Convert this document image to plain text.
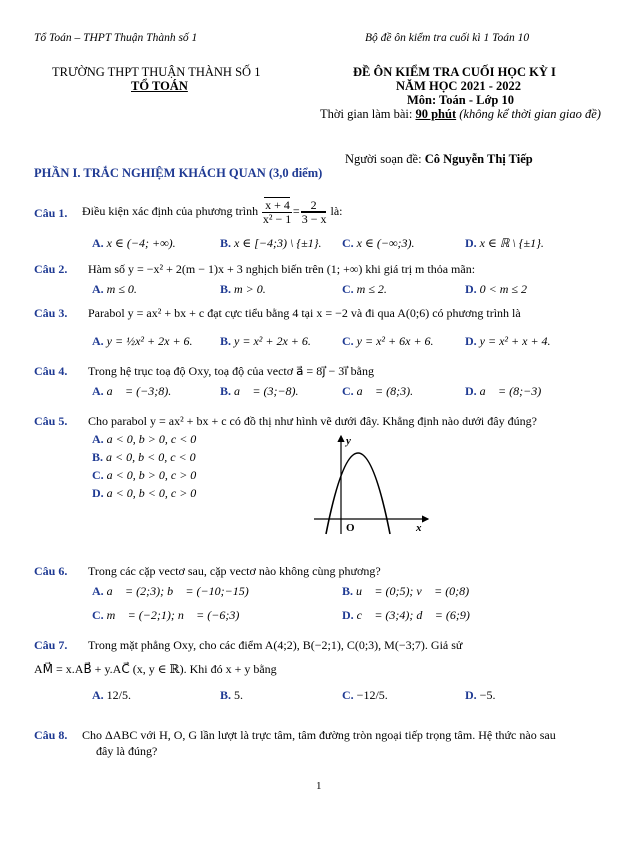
Tổ Toán – THPT Thuận Thành số 1	Bộ đề ôn kiểm tra cuối kì 1 Toán 10
TRƯỜNG THPT THUẬN THÀNH SỐ 1
TỔ TOÁN
ĐỀ ÔN KIỂM TRA CUỐI HỌC KỲ I
NĂM HỌC 2021 - 2022
Môn: Toán - Lớp 10
Thời gian làm bài: 90 phút (không kể thời gian giao đề)
Người soạn đề: Cô Nguyễn Thị Tiếp
PHẦN I. TRẮC NGHIỆM KHÁCH QUAN (3,0 điểm)
Câu 1. Điều kiện xác định của phương trình $\frac{x + 4}{\text{x² − 1}} = \frac{2}{3 - x}$ là:
A. x ∈ (−4; +∞).	B. x ∈ [−4;3) \ {±1}. C. x ∈ (−∞;3).	D. x ∈ ℝ \ {±1}.
Câu 2. Hàm số y = −x² + 2(m − 1)x + 3 nghịch biến trên (1; +∞) khi giá trị m thỏa mãn:
A. m ≤ 0.	B. m > 0.	C. m ≤ 2.	D. 0 < m ≤ 2
Câu 3. Parabol y = ax² + bx + c đạt cực tiểu bằng 4 tại x = −2 và đi qua A(0;6) có phương trình là
A. y = ½x² + 2x + 6. B. y = x² + 2x + 6.	C. y = x² + 6x + 6.	D. y = x² + x + 4.
Câu 4. Trong hệ trục toạ độ Oxy, toạ độ của vectơ a⃗ = 8j⃗ − 3i⃗ bằng
A. a⃗ = (−3;8).	B. a⃗ = (3;−8).	C. a⃗ = (8;3).	D. a⃗ = (8;−3)
Câu 5. Cho parabol y = ax² + bx + c có đồ thị như hình vẽ dưới đây. Khẳng định nào dưới đây đúng?
A. a < 0, b > 0, c < 0
B. a < 0, b < 0, c < 0
C. a < 0, b > 0, c > 0
D. a < 0, b < 0, c > 0
y
O	x
Câu 6. Trong các cặp vectơ sau, cặp vectơ nào không cùng phương?
A. a⃗ = (2;3); b⃗ = (−10;−15)	B. u⃗ = (0;5); v⃗ = (0;8)
C. m⃗ = (−2;1); n⃗ = (−6;3)	D. c⃗ = (3;4); d⃗ = (6;9)
Câu 7. Trong mặt phẳng Oxy, cho các điểm A(4;2), B(−2;1), C(0;3), M(−3;7). Giả sử
AM⃗ = x.AB⃗ + y.AC⃗ (x, y ∈ ℝ). Khi đó x + y bằng
A. 12/5.	B. 5.	C. −12/5.	D. −5.
Câu 8. Cho ΔABC với H, O, G lần lượt là trực tâm, tâm đường tròn ngoại tiếp trọng tâm. Hệ thức nào sau
đây là đúng?
1
